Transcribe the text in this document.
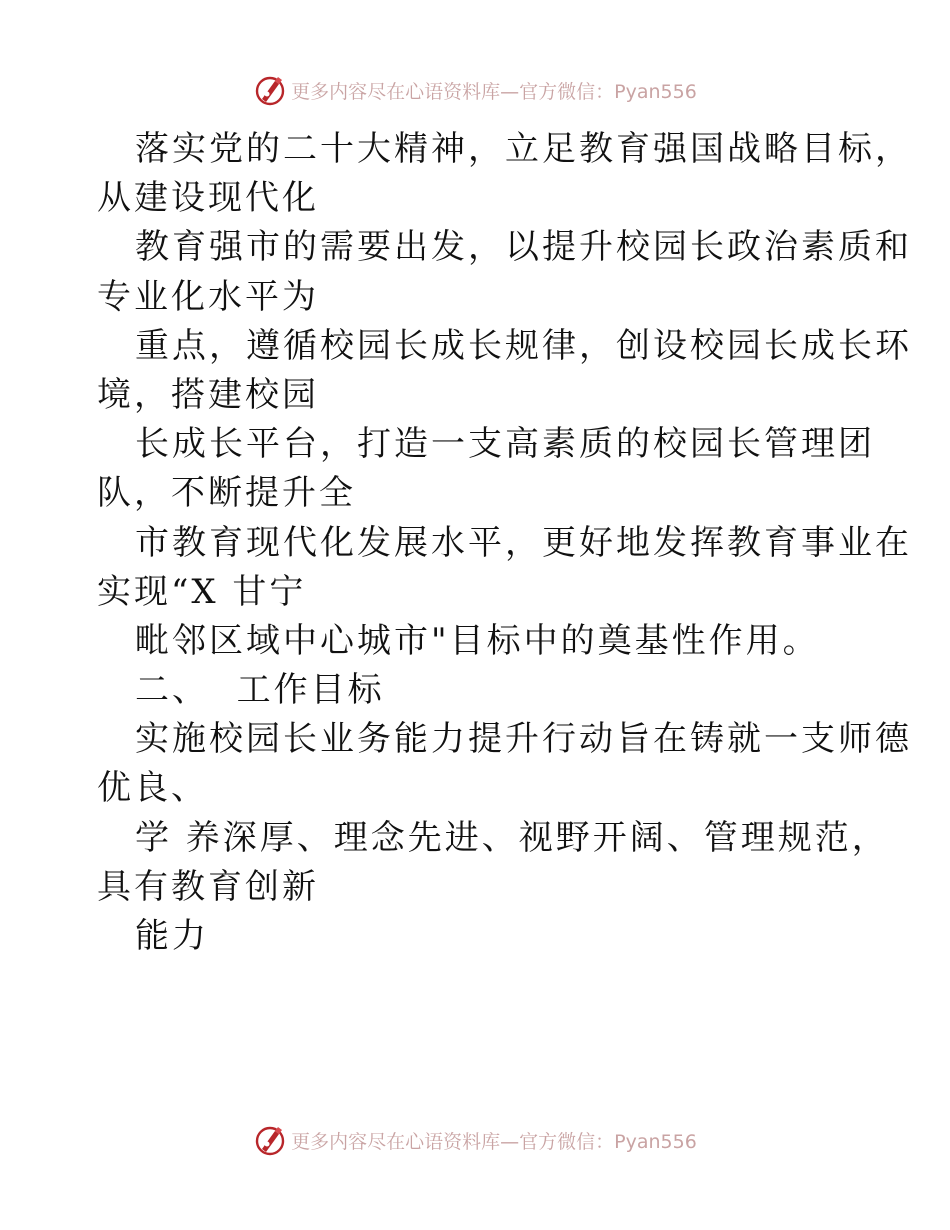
更多内容尽在心语资料库—官方微信：Pyan556
落实党的二十大精神，立足教育强国战略目标，
从建设现代化
教育强市的需要出发，以提升校园长政治素质和
专业化水平为
重点，遵循校园长成长规律，创设校园长成长环
境，搭建校园
长成长平台，打造一支高素质的校园长管理团
队，不断提升全
市教育现代化发展水平，更好地发挥教育事业在
实现“X 甘宁
毗邻区域中心城市"目标中的奠基性作用。
二、  工作目标
实施校园长业务能力提升行动旨在铸就一支师德
优良、
学 养深厚、理念先进、视野开阔、管理规范，
具有教育创新
能力
更多内容尽在心语资料库—官方微信：Pyan556
